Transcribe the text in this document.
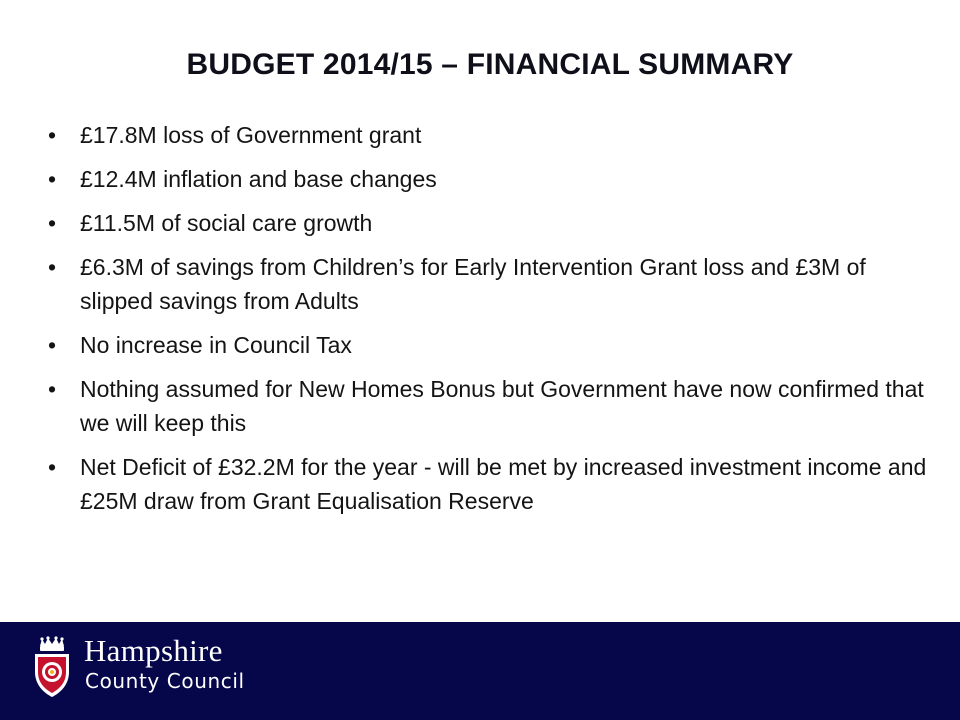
BUDGET 2014/15 – FINANCIAL SUMMARY
•	£17.8M loss of Government grant
•	£12.4M inflation and base changes
•	£11.5M of social care growth
•	£6.3M of savings from Children’s for Early Intervention Grant loss and £3M of slipped savings from Adults
•	No increase in Council Tax
•	Nothing assumed for New Homes Bonus but Government have now confirmed that we will keep this
•	Net Deficit of £32.2M for the year - will be met by increased investment income and £25M draw from Grant Equalisation Reserve
Hampshire
County Council
